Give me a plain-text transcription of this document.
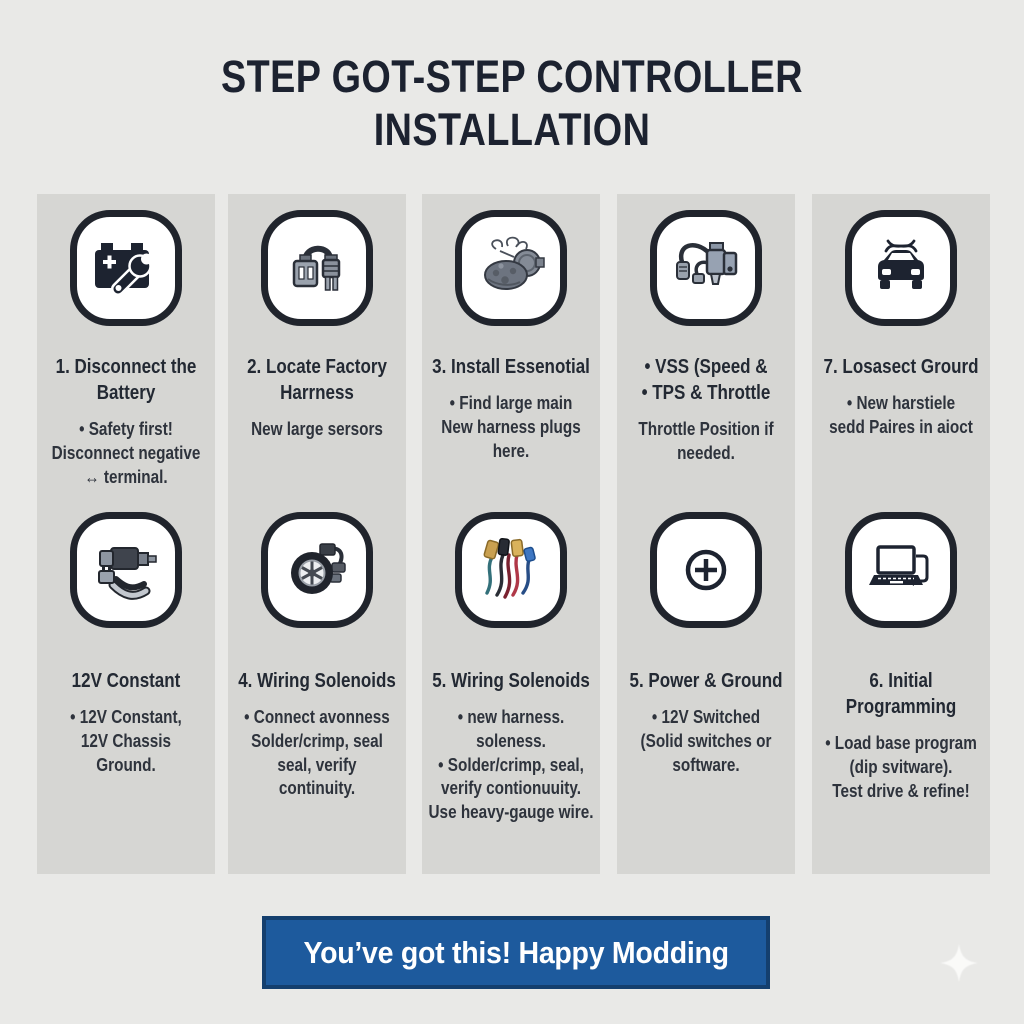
STEP GOT-STEP CONTROLLER
INSTALLATION
1. Disconnect the Battery
• Safety first!
Disconnect negative
↔ terminal.
12V Constant
• 12V Constant,
12V Chassis
Ground.
2. Locate Factory
Harrness
New large sersors
4. Wiring Solenoids
• Connect avonness
Solder/crimp, seal
seal, verify
continuity.
3. Install Essenotial
• Find large main
New harness plugs
here.
5. Wiring Solenoids
• new harness.
soleness.
• Solder/crimp, seal,
verify contionuuity.
Use heavy-gauge wire.
• VSS (Speed &
• TPS & Throttle
Throttle Position if
needed.
5. Power & Ground
• 12V Switched
(Solid switches or
software.
7. Losasect Grourd
• New harstiele
sedd Paires in aioct
6. Initial Programming
• Load base program
(dip svitware).
Test drive & refine!
You’ve got this! Happy Modding
